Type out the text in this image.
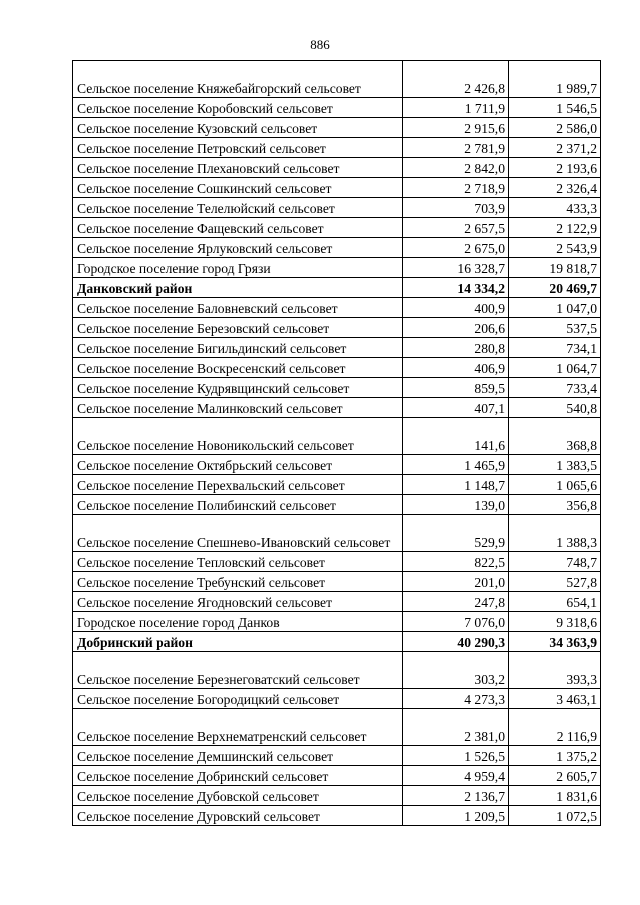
886
Сельское поселение Княжебайгорский сельсовет	2 426,8	1 989,7
Сельское поселение Коробовский сельсовет	1 711,9	1 546,5
Сельское поселение Кузовский сельсовет	2 915,6	2 586,0
Сельское поселение Петровский сельсовет	2 781,9	2 371,2
Сельское поселение Плехановский сельсовет	2 842,0	2 193,6
Сельское поселение Сошкинский сельсовет	2 718,9	2 326,4
Сельское поселение Телелюйский сельсовет	703,9	433,3
Сельское поселение Фащевский сельсовет	2 657,5	2 122,9
Сельское поселение Ярлуковский сельсовет	2 675,0	2 543,9
Городское поселение город Грязи	16 328,7	19 818,7
Данковский район	14 334,2	20 469,7
Сельское поселение Баловневский сельсовет	400,9	1 047,0
Сельское поселение Березовский сельсовет	206,6	537,5
Сельское поселение Бигильдинский сельсовет	280,8	734,1
Сельское поселение Воскресенский сельсовет	406,9	1 064,7
Сельское поселение Кудрявщинский сельсовет	859,5	733,4
Сельское поселение Малинковский сельсовет	407,1	540,8
Сельское поселение Новоникольский сельсовет	141,6	368,8
Сельское поселение Октябрьский сельсовет	1 465,9	1 383,5
Сельское поселение Перехвальский сельсовет	1 148,7	1 065,6
Сельское поселение Полибинский сельсовет	139,0	356,8
Сельское поселение Спешнево-Ивановский сельсовет	529,9	1 388,3
Сельское поселение Тепловский сельсовет	822,5	748,7
Сельское поселение Требунский сельсовет	201,0	527,8
Сельское поселение Ягодновский сельсовет	247,8	654,1
Городское поселение город Данков	7 076,0	9 318,6
Добринский район	40 290,3	34 363,9
Сельское поселение Березнеговатский сельсовет	303,2	393,3
Сельское поселение Богородицкий сельсовет	4 273,3	3 463,1
Сельское поселение Верхнематренский сельсовет	2 381,0	2 116,9
Сельское поселение Демшинский сельсовет	1 526,5	1 375,2
Сельское поселение Добринский сельсовет	4 959,4	2 605,7
Сельское поселение Дубовской сельсовет	2 136,7	1 831,6
Сельское поселение Дуровский сельсовет	1 209,5	1 072,5
